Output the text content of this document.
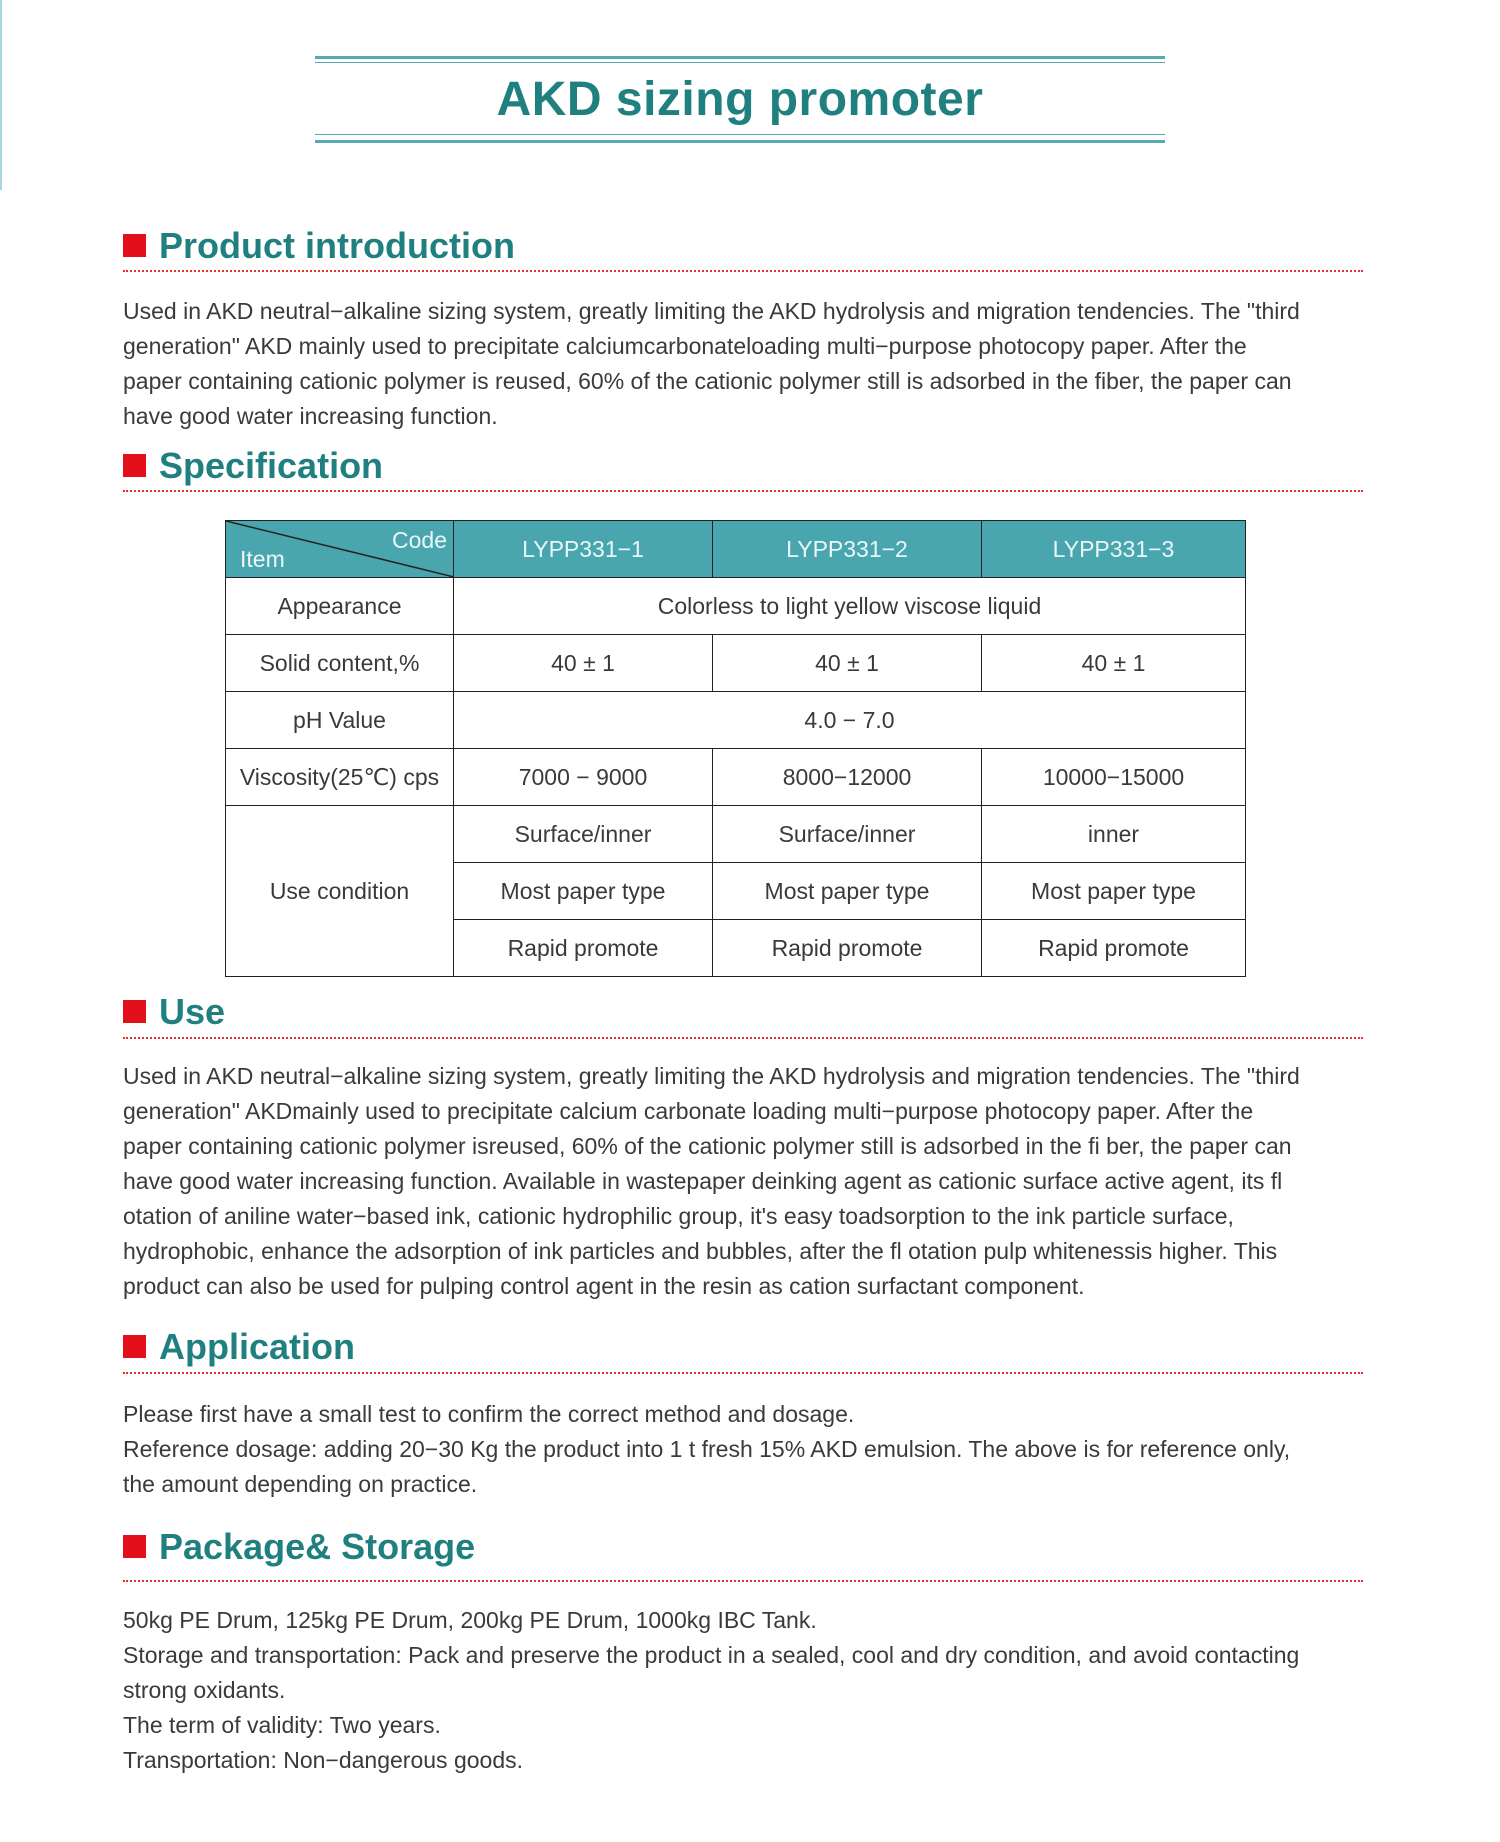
AKD sizing promoter
Product introduction
Used in AKD neutral−alkaline sizing system, greatly limiting the AKD hydrolysis and migration tendencies. The "third
generation" AKD mainly used to precipitate calciumcarbonateloading multi−purpose photocopy paper. After the
paper containing cationic polymer is reused, 60% of the cationic polymer still is adsorbed in the fiber, the paper can
have good water increasing function.
Specification
Code
Item	LYPP331−1	LYPP331−2	LYPP331−3
Appearance	Colorless to light yellow viscose liquid		
Solid content,%	40 ± 1	40 ± 1	40 ± 1
pH Value	4.0 − 7.0		
Viscosity(25℃) cps	7000 − 9000	8000−12000	10000−15000
Use condition	Surface/inner	Surface/inner	inner
	Most paper type	Most paper type	Most paper type
	Rapid promote	Rapid promote	Rapid promote
Use
Used in AKD neutral−alkaline sizing system, greatly limiting the AKD hydrolysis and migration tendencies. The "third
generation" AKDmainly used to precipitate calcium carbonate loading multi−purpose photocopy paper. After the
paper containing cationic polymer isreused, 60% of the cationic polymer still is adsorbed in the fi ber, the paper can
have good water increasing function. Available in wastepaper deinking agent as cationic surface active agent, its fl
otation of aniline water−based ink, cationic hydrophilic group, it's easy toadsorption to the ink particle surface,
hydrophobic, enhance the adsorption of ink particles and bubbles, after the fl otation pulp whitenessis higher. This
product can also be used for pulping control agent in the resin as cation surfactant component.
Application
Please first have a small test to confirm the correct method and dosage.
Reference dosage: adding 20−30 Kg the product into 1 t fresh 15% AKD emulsion. The above is for reference only,
the amount depending on practice.
Package& Storage
50kg PE Drum, 125kg PE Drum, 200kg PE Drum, 1000kg IBC Tank.
Storage and transportation: Pack and preserve the product in a sealed, cool and dry condition, and avoid contacting
strong oxidants.
The term of validity: Two years.
Transportation: Non−dangerous goods.
